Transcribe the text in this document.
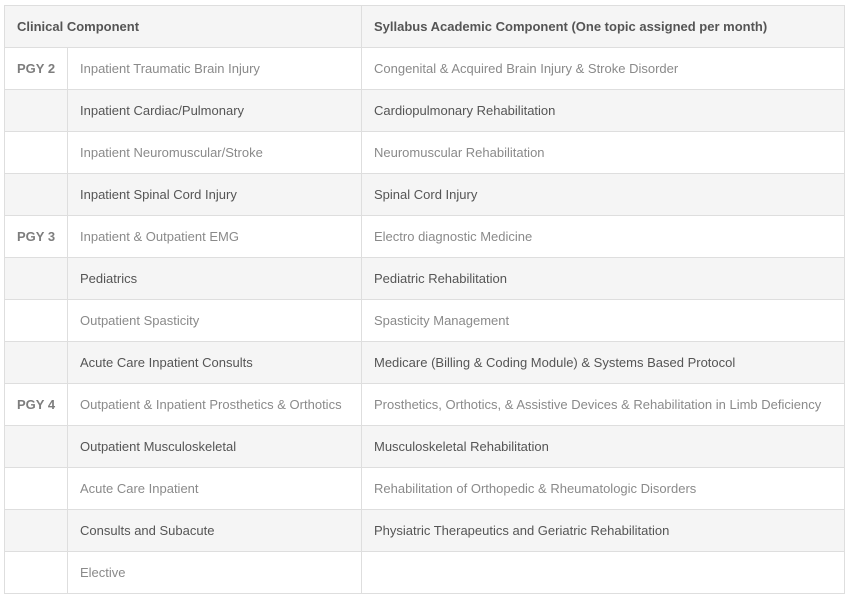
Clinical Component		Syllabus Academic Component (One topic assigned per month)
PGY 2	Inpatient Traumatic Brain Injury	Congenital & Acquired Brain Injury & Stroke Disorder
	Inpatient Cardiac/Pulmonary	Cardiopulmonary Rehabilitation
	Inpatient Neuromuscular/Stroke	Neuromuscular Rehabilitation
	Inpatient Spinal Cord Injury	Spinal Cord Injury
PGY 3	Inpatient & Outpatient EMG	Electro diagnostic Medicine
	Pediatrics	Pediatric Rehabilitation
	Outpatient Spasticity	Spasticity Management
	Acute Care Inpatient Consults	Medicare (Billing & Coding Module) & Systems Based Protocol
PGY 4	Outpatient & Inpatient Prosthetics & Orthotics	Prosthetics, Orthotics, & Assistive Devices & Rehabilitation in Limb Deficiency
	Outpatient Musculoskeletal	Musculoskeletal Rehabilitation
	Acute Care Inpatient	Rehabilitation of Orthopedic & Rheumatologic Disorders
	Consults and Subacute	Physiatric Therapeutics and Geriatric Rehabilitation
	Elective	
